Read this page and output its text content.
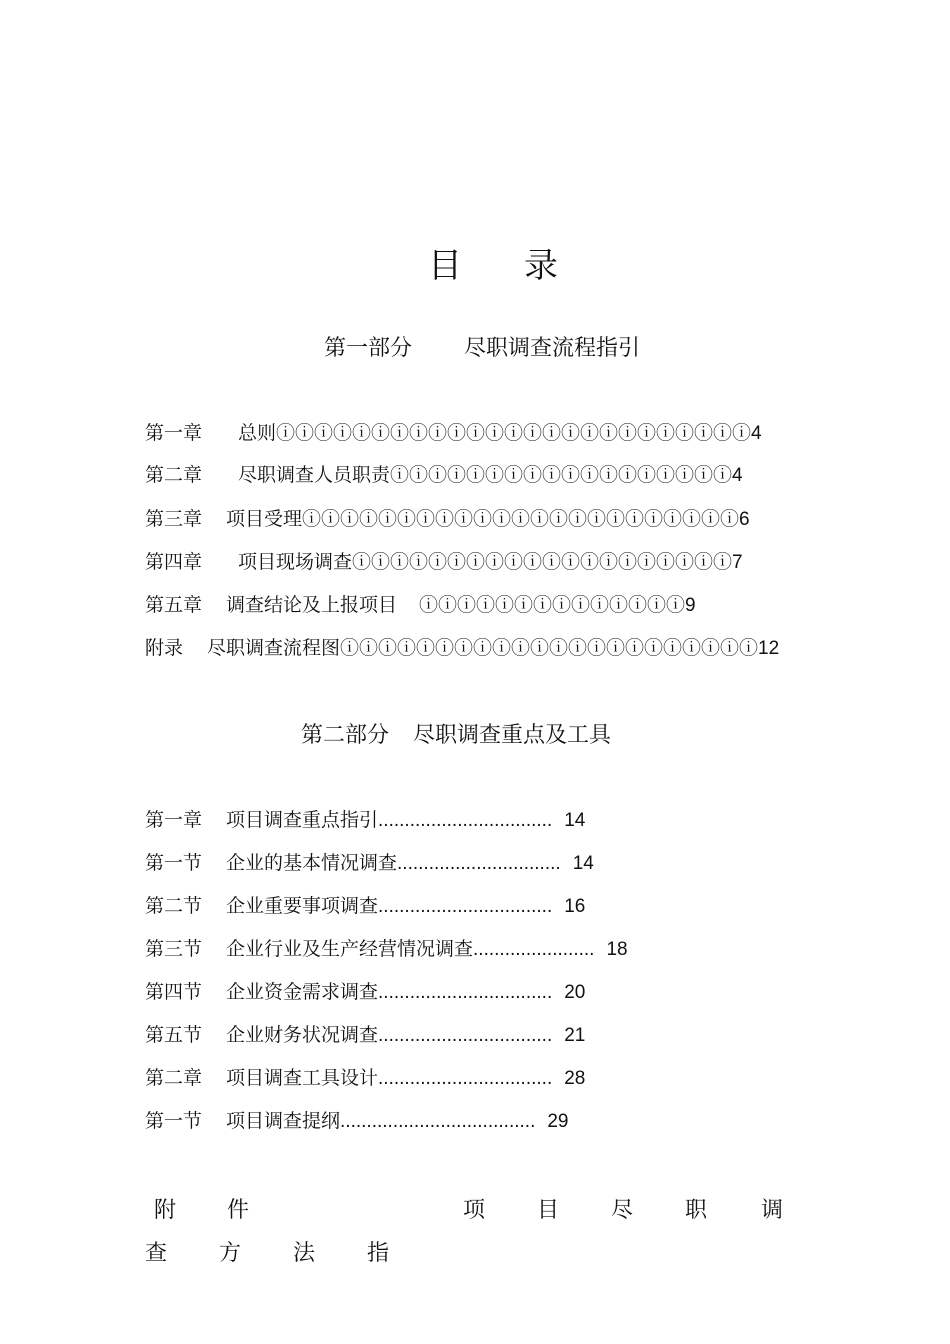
目 录
第一部分 尽职调查流程指引
第一章 总则ⓘⓘⓘⓘⓘⓘⓘⓘⓘⓘⓘⓘⓘⓘⓘⓘⓘⓘⓘⓘⓘⓘⓘⓘⓘ4
第二章 尽职调查人员职责ⓘⓘⓘⓘⓘⓘⓘⓘⓘⓘⓘⓘⓘⓘⓘⓘⓘⓘ4
第三章 项目受理ⓘⓘⓘⓘⓘⓘⓘⓘⓘⓘⓘⓘⓘⓘⓘⓘⓘⓘⓘⓘⓘⓘⓘ6
第四章 项目现场调查ⓘⓘⓘⓘⓘⓘⓘⓘⓘⓘⓘⓘⓘⓘⓘⓘⓘⓘⓘⓘ7
第五章 调查结论及上报项目 ⓘⓘⓘⓘⓘⓘⓘⓘⓘⓘⓘⓘⓘⓘ9
附录 尽职调查流程图ⓘⓘⓘⓘⓘⓘⓘⓘⓘⓘⓘⓘⓘⓘⓘⓘⓘⓘⓘⓘⓘⓘ12
第二部分 尽职调查重点及工具
第一章 项目调查重点指引................................. 14
第一节 企业的基本情况调查............................... 14
第二节 企业重要事项调查................................. 16
第三节 企业行业及生产经营情况调查....................... 18
第四节 企业资金需求调查................................. 20
第五节 企业财务状况调查................................. 21
第二章 项目调查工具设计................................. 28
第一节 项目调查提纲..................................... 29
附 件	项 目 尽 职 调
查 方 法 指
